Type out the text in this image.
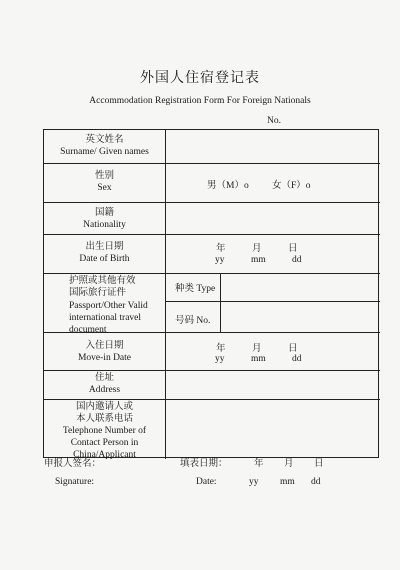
外国人住宿登记表
Accommodation Registration Form For Foreign Nationals
No.
英文姓名
Surname/ Given names
性别
Sex	男（M）o 女（F）o
国籍
Nationality
出生日期
Date of Birth
年	月	日
yy	mm	dd
护照或其他有效
国际旅行证件
Passport/Other Valid
international travel
document
种类 Type
号码 No.
入住日期
Move-in Date
年	月	日
yy	mm	dd
住址
Address
国内邀请人或
本人联系电话
Telephone Number of
Contact Person in
China/Applicant
申报人签名：	填表日期：	年 月 日
Signature:	Date:	yy mm dd
